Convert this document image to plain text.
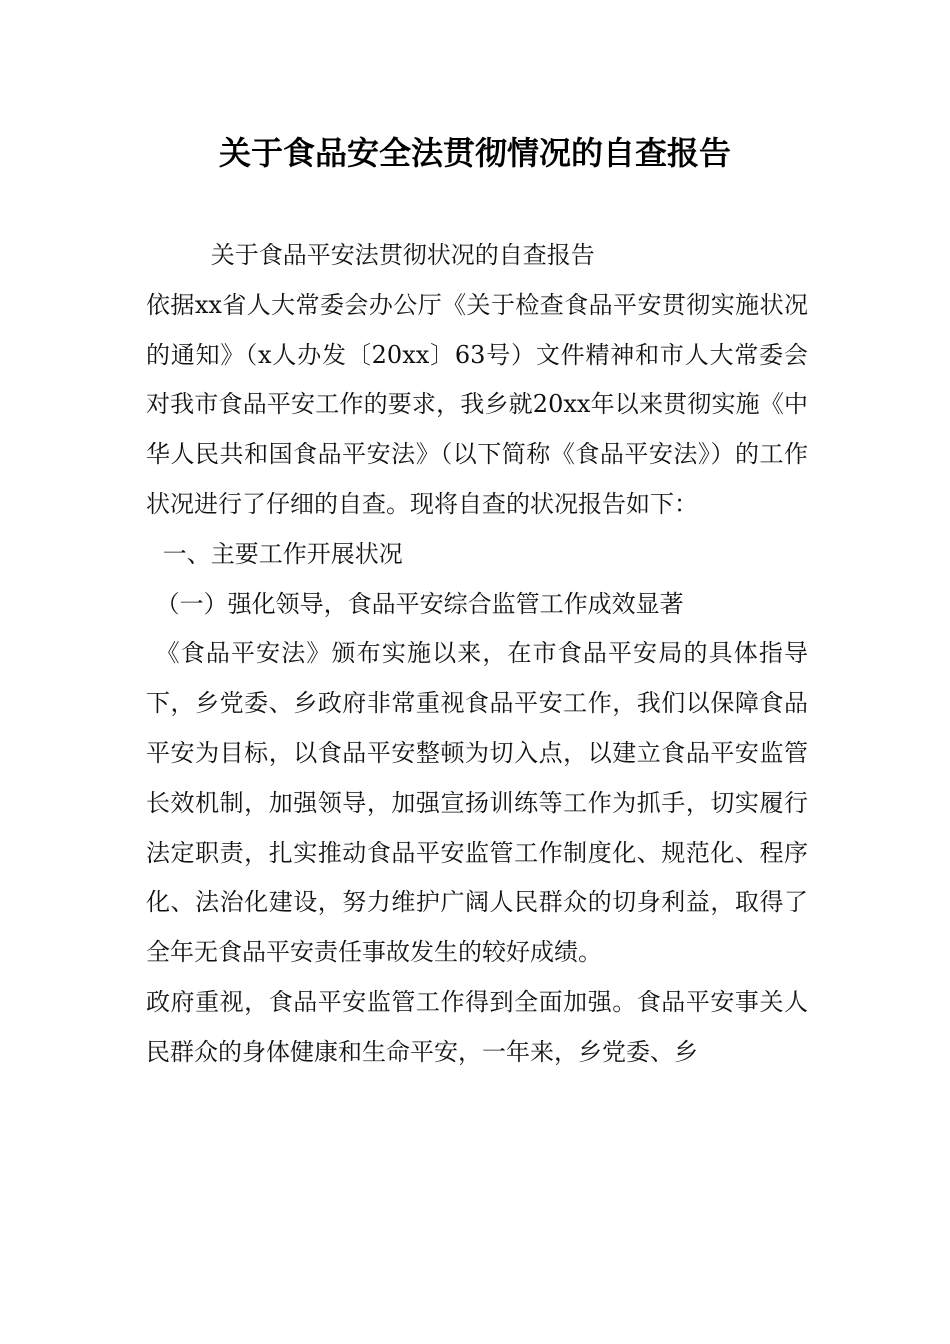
关于食品安全法贯彻情况的自查报告

关于食品平安法贯彻状况的自查报告

依据xx省人大常委会办公厅《关于检查食品平安贯彻实施状况的通知》（x人办发〔20xx〕63号）文件精神和市人大常委会对我市食品平安工作的要求，我乡就20xx年以来贯彻实施《中华人民共和国食品平安法》（以下简称《食品平安法》）的工作状况进行了仔细的自查。现将自查的状况报告如下：

一、主要工作开展状况

（一）强化领导，食品平安综合监管工作成效显著

《食品平安法》颁布实施以来，在市食品平安局的具体指导下，乡党委、乡政府非常重视食品平安工作，我们以保障食品平安为目标，以食品平安整顿为切入点，以建立食品平安监管长效机制，加强领导，加强宣扬训练等工作为抓手，切实履行法定职责，扎实推动食品平安监管工作制度化、规范化、程序化、法治化建设，努力维护广阔人民群众的切身利益，取得了全年无食品平安责任事故发生的较好成绩。

政府重视，食品平安监管工作得到全面加强。食品平安事关人民群众的身体健康和生命平安，一年来，乡党委、乡
